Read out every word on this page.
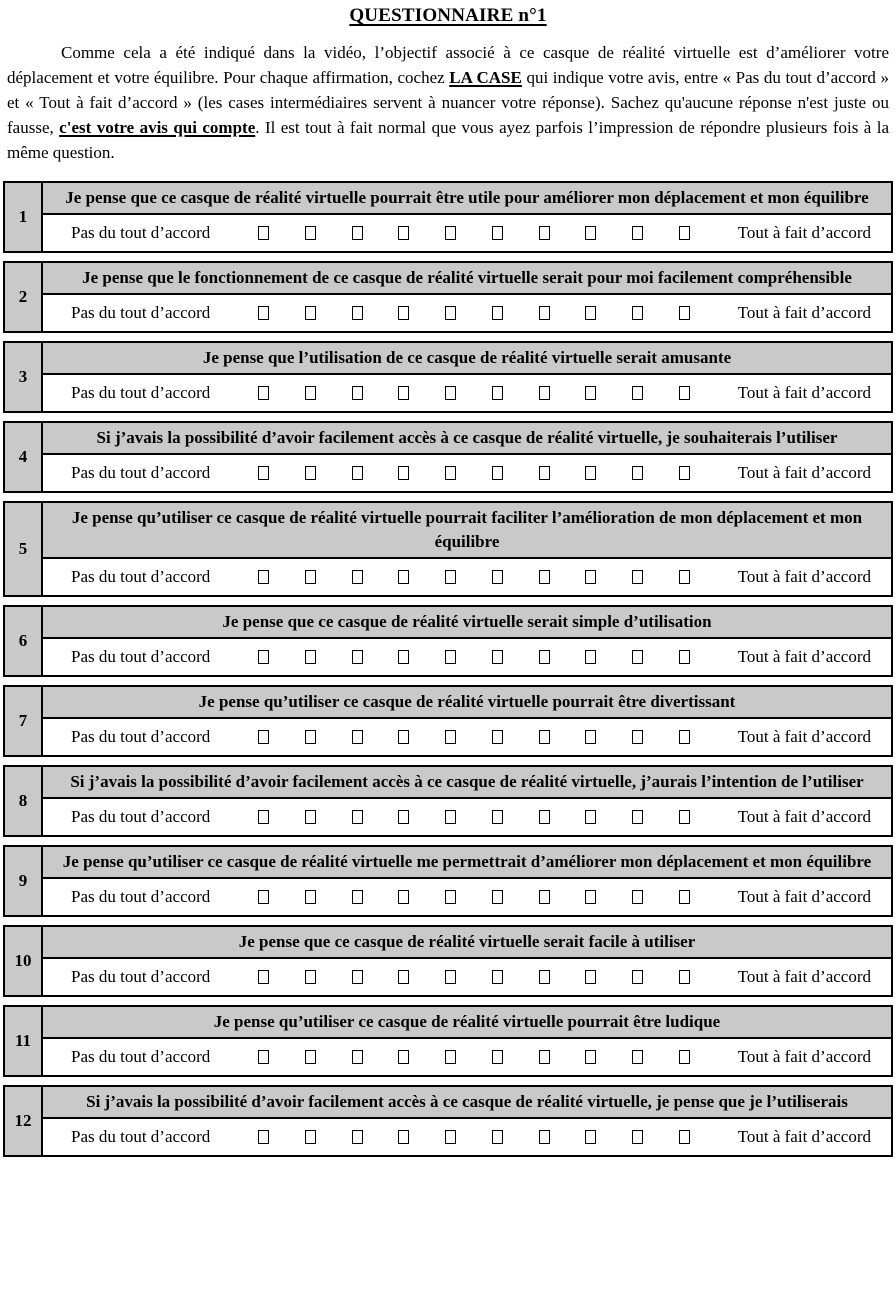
QUESTIONNAIRE n°1

Comme cela a été indiqué dans la vidéo, l’objectif associé à ce casque de réalité virtuelle est d’améliorer votre déplacement et votre équilibre. Pour chaque affirmation, cochez LA CASE qui indique votre avis, entre « Pas du tout d’accord » et « Tout à fait d’accord » (les cases intermédiaires servent à nuancer votre réponse). Sachez qu'aucune réponse n'est juste ou fausse, c'est votre avis qui compte. Il est tout à fait normal que vous ayez parfois l’impression de répondre plusieurs fois à la même question.

1
Je pense que ce casque de réalité virtuelle pourrait être utile pour améliorer mon déplacement et mon équilibre
Pas du tout d’accord	Tout à fait d’accord
2
Je pense que le fonctionnement de ce casque de réalité virtuelle serait pour moi facilement compréhensible
Pas du tout d’accord	Tout à fait d’accord
3
Je pense que l’utilisation de ce casque de réalité virtuelle serait amusante
Pas du tout d’accord	Tout à fait d’accord
4
Si j’avais la possibilité d’avoir facilement accès à ce casque de réalité virtuelle, je souhaiterais l’utiliser
Pas du tout d’accord	Tout à fait d’accord
5
Je pense qu’utiliser ce casque de réalité virtuelle pourrait faciliter l’amélioration de mon déplacement et mon équilibre
Pas du tout d’accord	Tout à fait d’accord
6
Je pense que ce casque de réalité virtuelle serait simple d’utilisation
Pas du tout d’accord	Tout à fait d’accord
7
Je pense qu’utiliser ce casque de réalité virtuelle pourrait être divertissant
Pas du tout d’accord	Tout à fait d’accord
8
Si j’avais la possibilité d’avoir facilement accès à ce casque de réalité virtuelle, j’aurais l’intention de l’utiliser
Pas du tout d’accord	Tout à fait d’accord
9
Je pense qu’utiliser ce casque de réalité virtuelle me permettrait d’améliorer mon déplacement et mon équilibre
Pas du tout d’accord	Tout à fait d’accord
10
Je pense que ce casque de réalité virtuelle serait facile à utiliser
Pas du tout d’accord	Tout à fait d’accord
11
Je pense qu’utiliser ce casque de réalité virtuelle pourrait être ludique
Pas du tout d’accord	Tout à fait d’accord
12
Si j’avais la possibilité d’avoir facilement accès à ce casque de réalité virtuelle, je pense que je l’utiliserais
Pas du tout d’accord	Tout à fait d’accord
